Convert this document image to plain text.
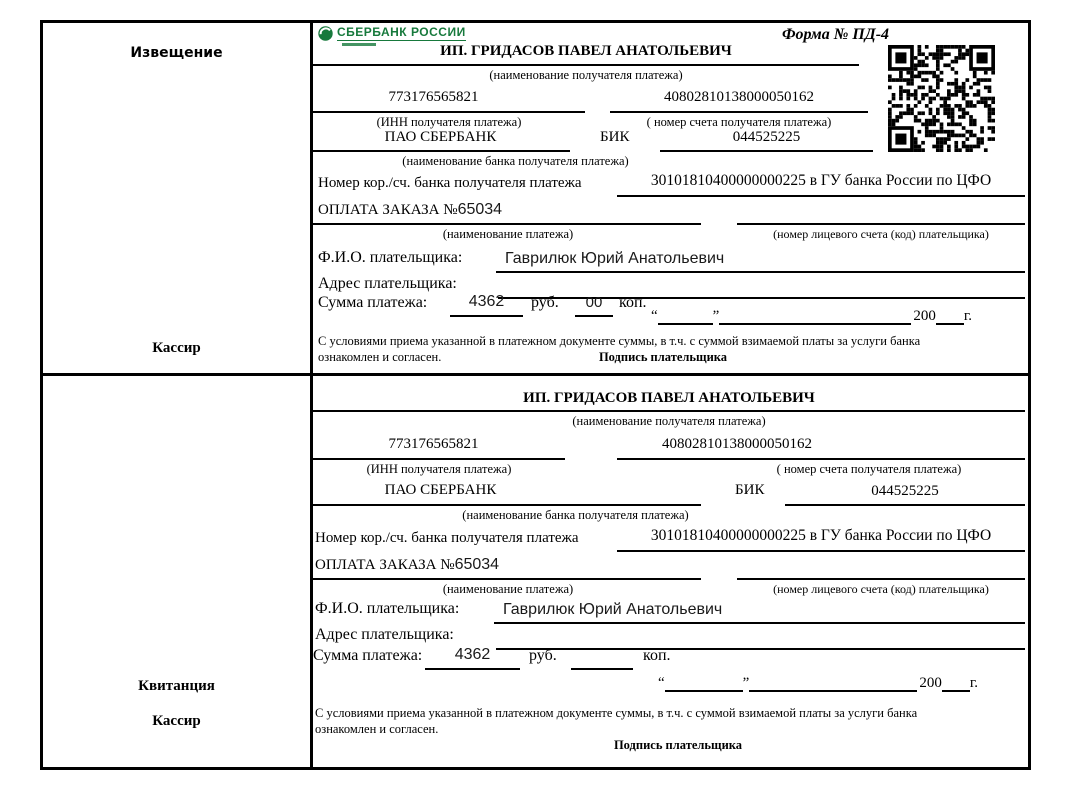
Извещение
Кассир
Квитанция
Кассир
СБЕРБАНК РОССИИ	Форма № ПД-4
ИП. ГРИДАСОВ ПАВЕЛ АНАТОЛЬЕВИЧ
(наименование получателя платежа)
773176565821	40802810138000050162
(ИНН получателя платежа)	( номер счета получателя платежа)
ПАО СБЕРБАНК	БИК	044525225
(наименование банка получателя платежа)
Номер кор./сч. банка получателя платежа	30101810400000000225 в ГУ банка России по ЦФО
ОПЛАТА ЗАКАЗА №65034
(наименование платежа)	(номер лицевого счета (код) плательщика)
Ф.И.О. плательщика:	Гаврилюк Юрий Анатольевич
Адрес плательщика:
Сумма платежа:	4362	руб.	00	коп.
“	”	200 г.
С условиями приема указанной в платежном документе суммы, в т.ч. с суммой взимаемой платы за услуги банка
ознакомлен и согласен.	Подпись плательщика
ИП. ГРИДАСОВ ПАВЕЛ АНАТОЛЬЕВИЧ
(наименование получателя платежа)
773176565821	40802810138000050162
(ИНН получателя платежа)	( номер счета получателя платежа)
ПАО СБЕРБАНК	БИК	044525225
(наименование банка получателя платежа)
Номер кор./сч. банка получателя платежа	30101810400000000225 в ГУ банка России по ЦФО
ОПЛАТА ЗАКАЗА №65034
(наименование платежа)	(номер лицевого счета (код) плательщика)
Ф.И.О. плательщика:	Гаврилюк Юрий Анатольевич
Адрес плательщика:
Сумма платежа:	4362	руб.	коп.
“	”	200 г.
С условиями приема указанной в платежном документе суммы, в т.ч. с суммой взимаемой платы за услуги банка
ознакомлен и согласен.
Подпись плательщика
